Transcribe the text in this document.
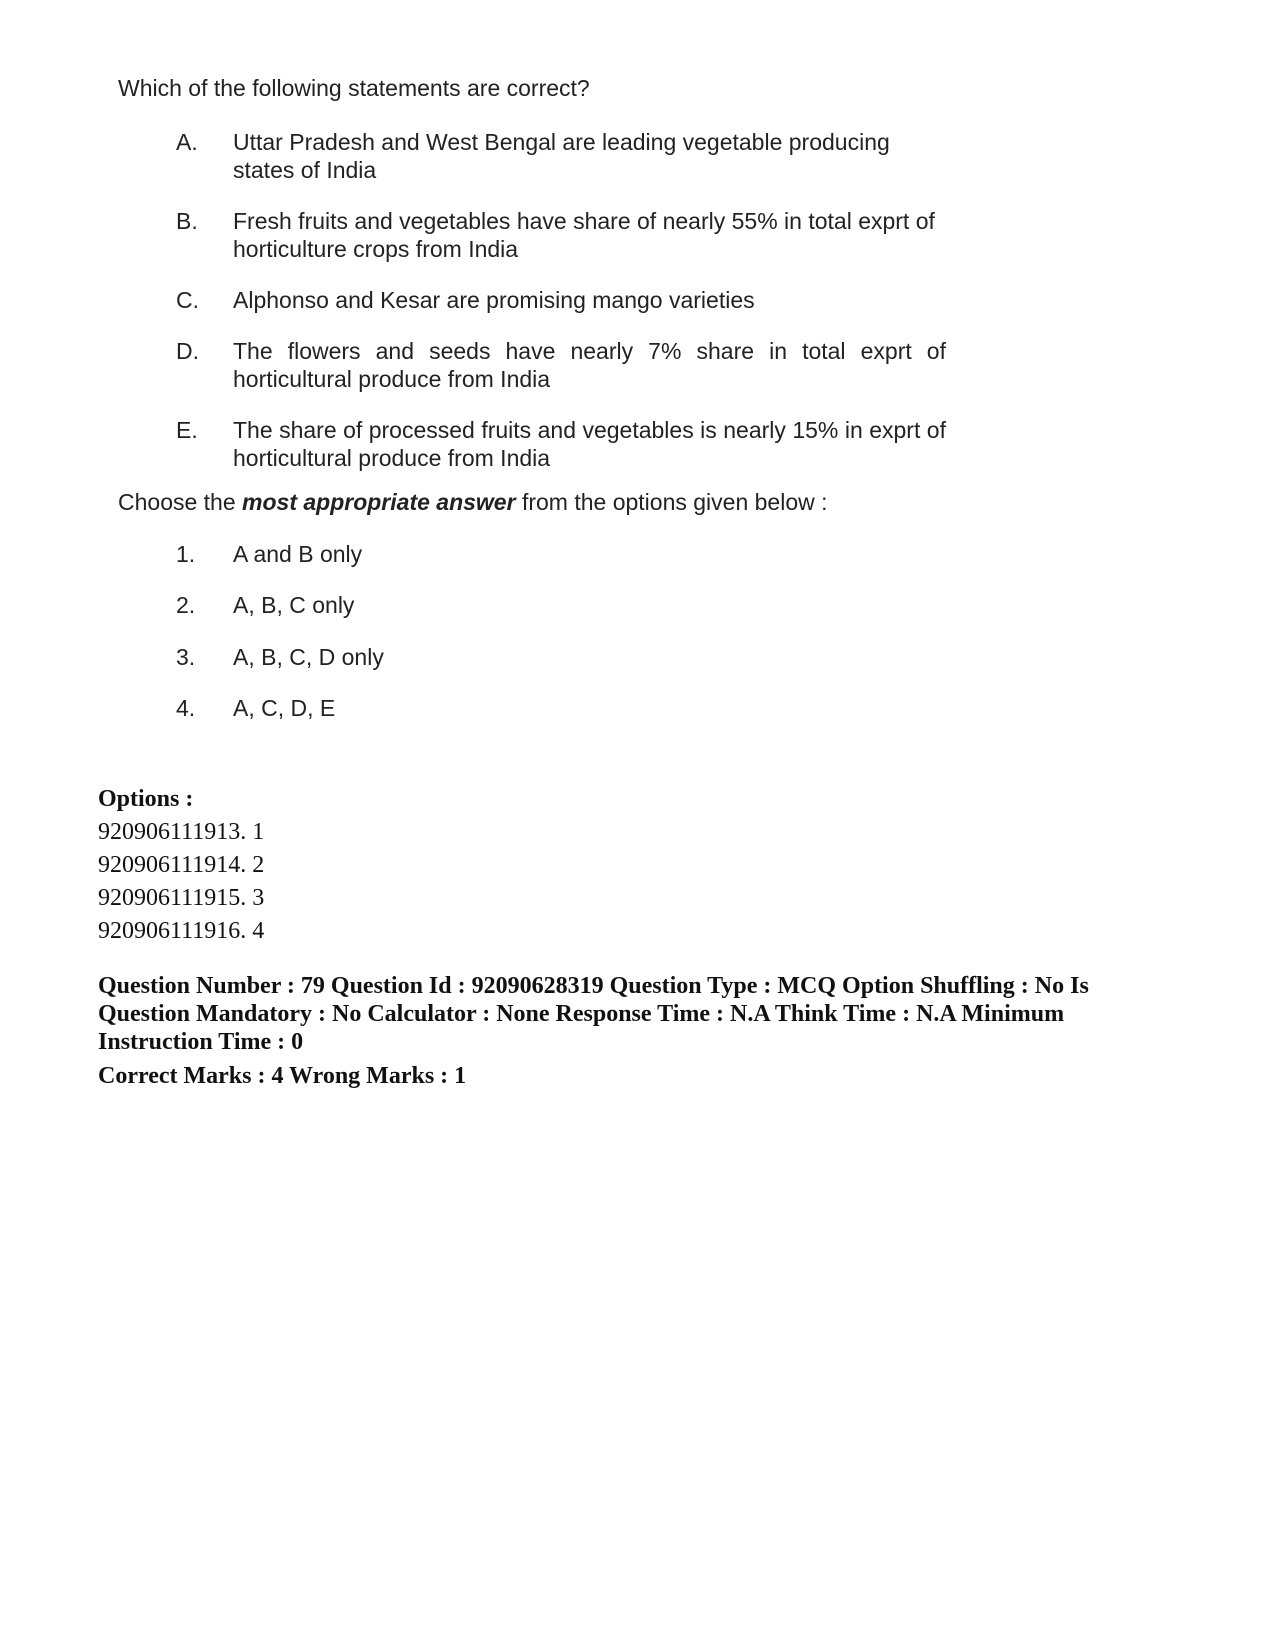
Which of the following statements are correct?

A.	Uttar Pradesh and West Bengal are leading vegetable producing states of India
B.	Fresh fruits and vegetables have share of nearly 55% in total exprt of horticulture crops from India
C.	Alphonso and Kesar are promising mango varieties
D.	The flowers and seeds have nearly 7% share in total exprt of horticultural produce from India
E.	The share of processed fruits and vegetables is nearly 15% in exprt of horticultural produce from India

Choose the most appropriate answer from the options given below :

1.	A and B only
2.	A, B, C only
3.	A, B, C, D only
4.	A, C, D, E
Options :
920906111913. 1
920906111914. 2
920906111915. 3
920906111916. 4

Question Number : 79 Question Id : 92090628319 Question Type : MCQ Option Shuffling : No Is Question Mandatory : No Calculator : None Response Time : N.A Think Time : N.A Minimum Instruction Time : 0

Correct Marks : 4 Wrong Marks : 1
